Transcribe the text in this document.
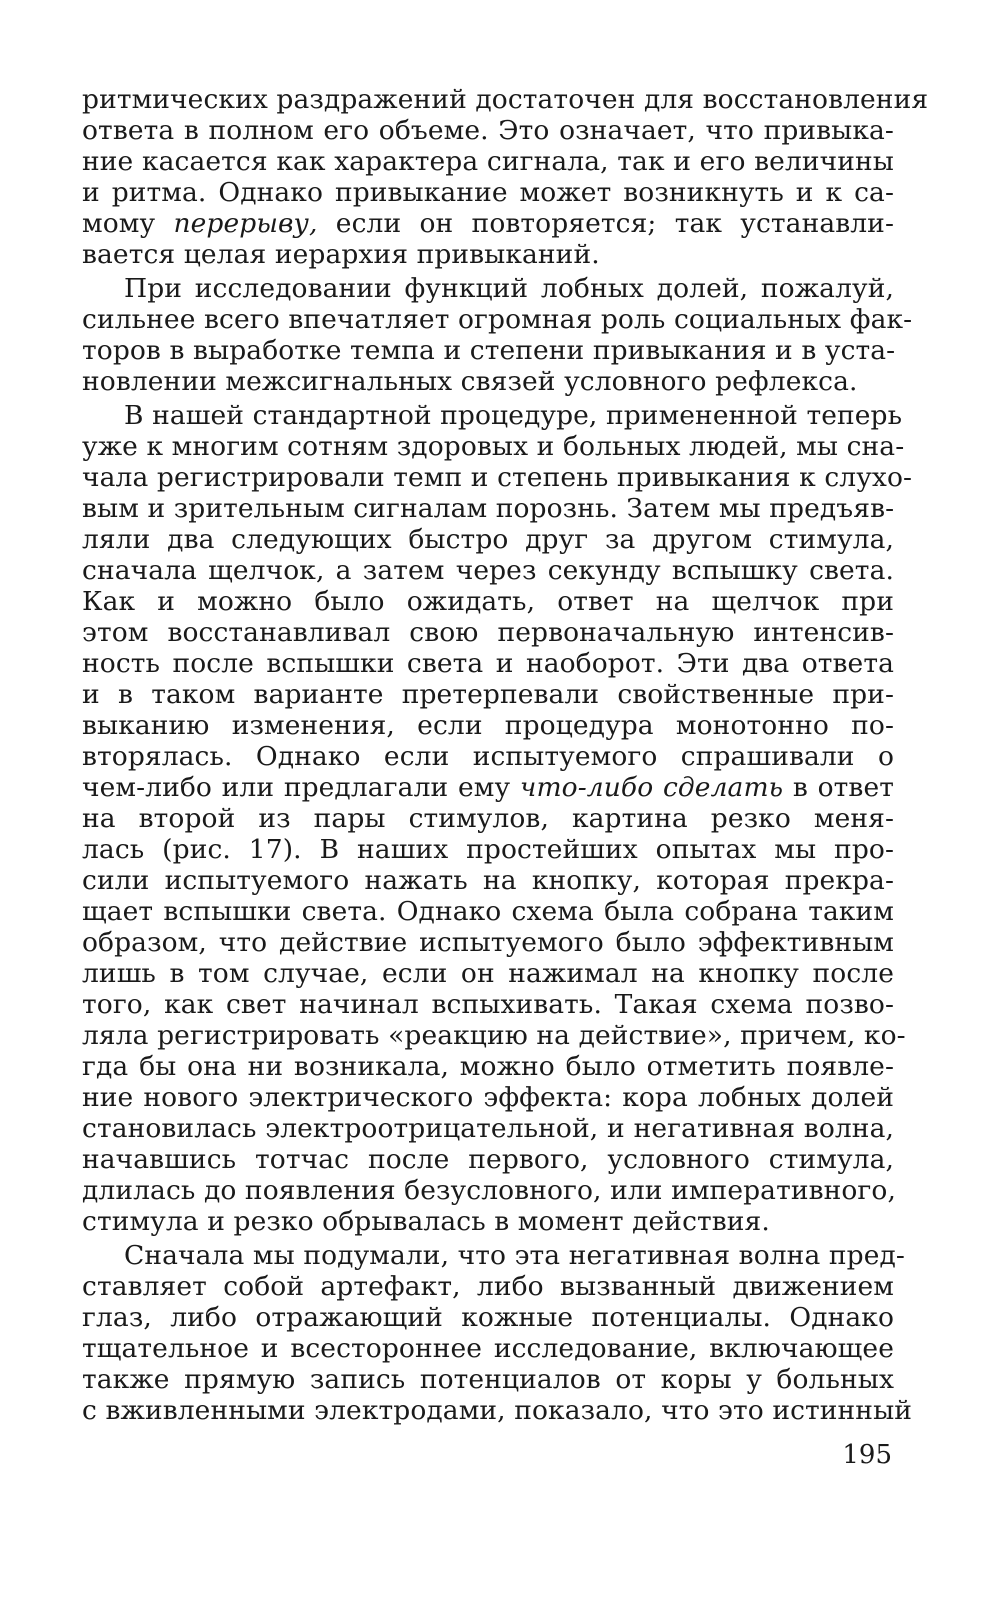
ритмических раздражений достаточен для восстановления
ответа в полном его объеме. Это означает, что привыка-
ние касается как характера сигнала, так и его величины
и ритма. Однако привыкание может возникнуть и к са-
мому перерыву, если он повторяется; так устанавли-
вается целая иерархия привыканий.
При исследовании функций лобных долей, пожалуй,
сильнее всего впечатляет огромная роль социальных фак-
торов в выработке темпа и степени привыкания и в уста-
новлении межсигнальных связей условного рефлекса.
В нашей стандартной процедуре, примененной теперь
уже к многим сотням здоровых и больных людей, мы сна-
чала регистрировали темп и степень привыкания к слухо-
вым и зрительным сигналам порознь. Затем мы предъяв-
ляли два следующих быстро друг за другом стимула,
сначала щелчок, а затем через секунду вспышку света.
Как и можно было ожидать, ответ на щелчок при
этом восстанавливал свою первоначальную интенсив-
ность после вспышки света и наоборот. Эти два ответа
и в таком варианте претерпевали свойственные при-
выканию изменения, если процедура монотонно по-
вторялась. Однако если испытуемого спрашивали о
чем-либо или предлагали ему что-либо сделать в ответ
на второй из пары стимулов, картина резко меня-
лась (рис. 17). В наших простейших опытах мы про-
сили испытуемого нажать на кнопку, которая прекра-
щает вспышки света. Однако схема была собрана таким
образом, что действие испытуемого было эффективным
лишь в том случае, если он нажимал на кнопку после
того, как свет начинал вспыхивать. Такая схема позво-
ляла регистрировать «реакцию на действие», причем, ко-
гда бы она ни возникала, можно было отметить появле-
ние нового электрического эффекта: кора лобных долей
становилась электроотрицательной, и негативная волна,
начавшись тотчас после первого, условного стимула,
длилась до появления безусловного, или императивного,
стимула и резко обрывалась в момент действия.
Сначала мы подумали, что эта негативная волна пред-
ставляет собой артефакт, либо вызванный движением
глаз, либо отражающий кожные потенциалы. Однако
тщательное и всестороннее исследование, включающее
также прямую запись потенциалов от коры у больных
с вживленными электродами, показало, что это истинный
195
